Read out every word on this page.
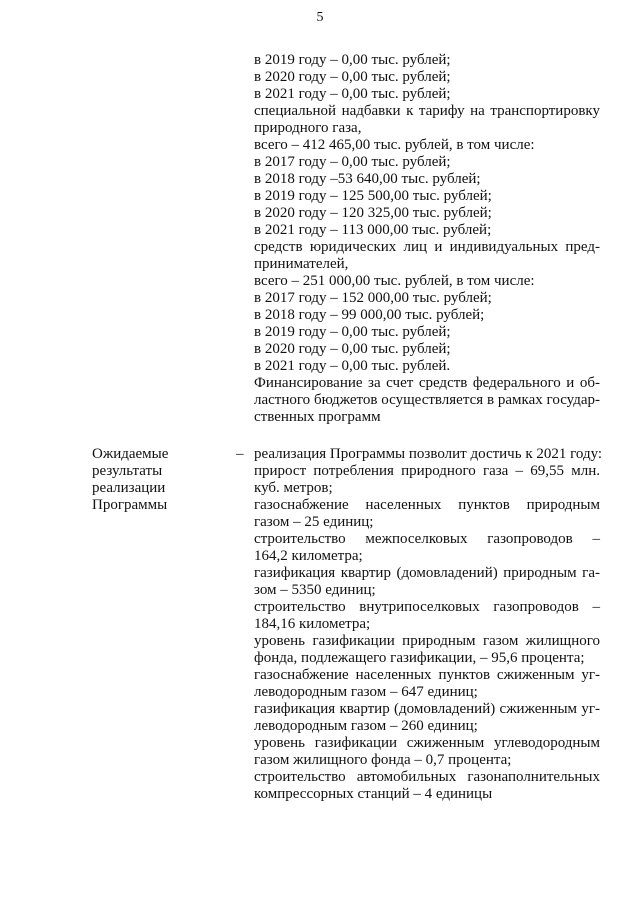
5
в 2019 году – 0,00 тыс. рублей;
в 2020 году – 0,00 тыс. рублей;
в 2021 году – 0,00 тыс. рублей;
специальной надбавки к тарифу на транспортировку
природного газа,
всего – 412 465,00 тыс. рублей, в том числе:
в 2017 году – 0,00 тыс. рублей;
в 2018 году –53 640,00 тыс. рублей;
в 2019 году – 125 500,00 тыс. рублей;
в 2020 году – 120 325,00 тыс. рублей;
в 2021 году – 113 000,00 тыс. рублей;
средств юридических лиц и индивидуальных пред-
принимателей,
всего – 251 000,00 тыс. рублей, в том числе:
в 2017 году – 152 000,00 тыс. рублей;
в 2018 году – 99 000,00 тыс. рублей;
в 2019 году – 0,00 тыс. рублей;
в 2020 году – 0,00 тыс. рублей;
в 2021 году – 0,00 тыс. рублей.
Финансирование за счет средств федерального и об-
ластного бюджетов осуществляется в рамках государ-
ственных программ
Ожидаемые
результаты
реализации
Программы
– реализация Программы позволит достичь к 2021 году:
прирост потребления природного газа – 69,55 млн.
куб. метров;
газоснабжение населенных пунктов природным
газом – 25 единиц;
строительство межпоселковых газопроводов –
164,2 километра;
газификация квартир (домовладений) природным га-
зом – 5350 единиц;
строительство внутрипоселковых газопроводов –
184,16 километра;
уровень газификации природным газом жилищного
фонда, подлежащего газификации, – 95,6 процента;
газоснабжение населенных пунктов сжиженным уг-
леводородным газом – 647 единиц;
газификация квартир (домовладений) сжиженным уг-
леводородным газом – 260 единиц;
уровень газификации сжиженным углеводородным
газом жилищного фонда – 0,7 процента;
строительство автомобильных газонаполнительных
компрессорных станций – 4 единицы
